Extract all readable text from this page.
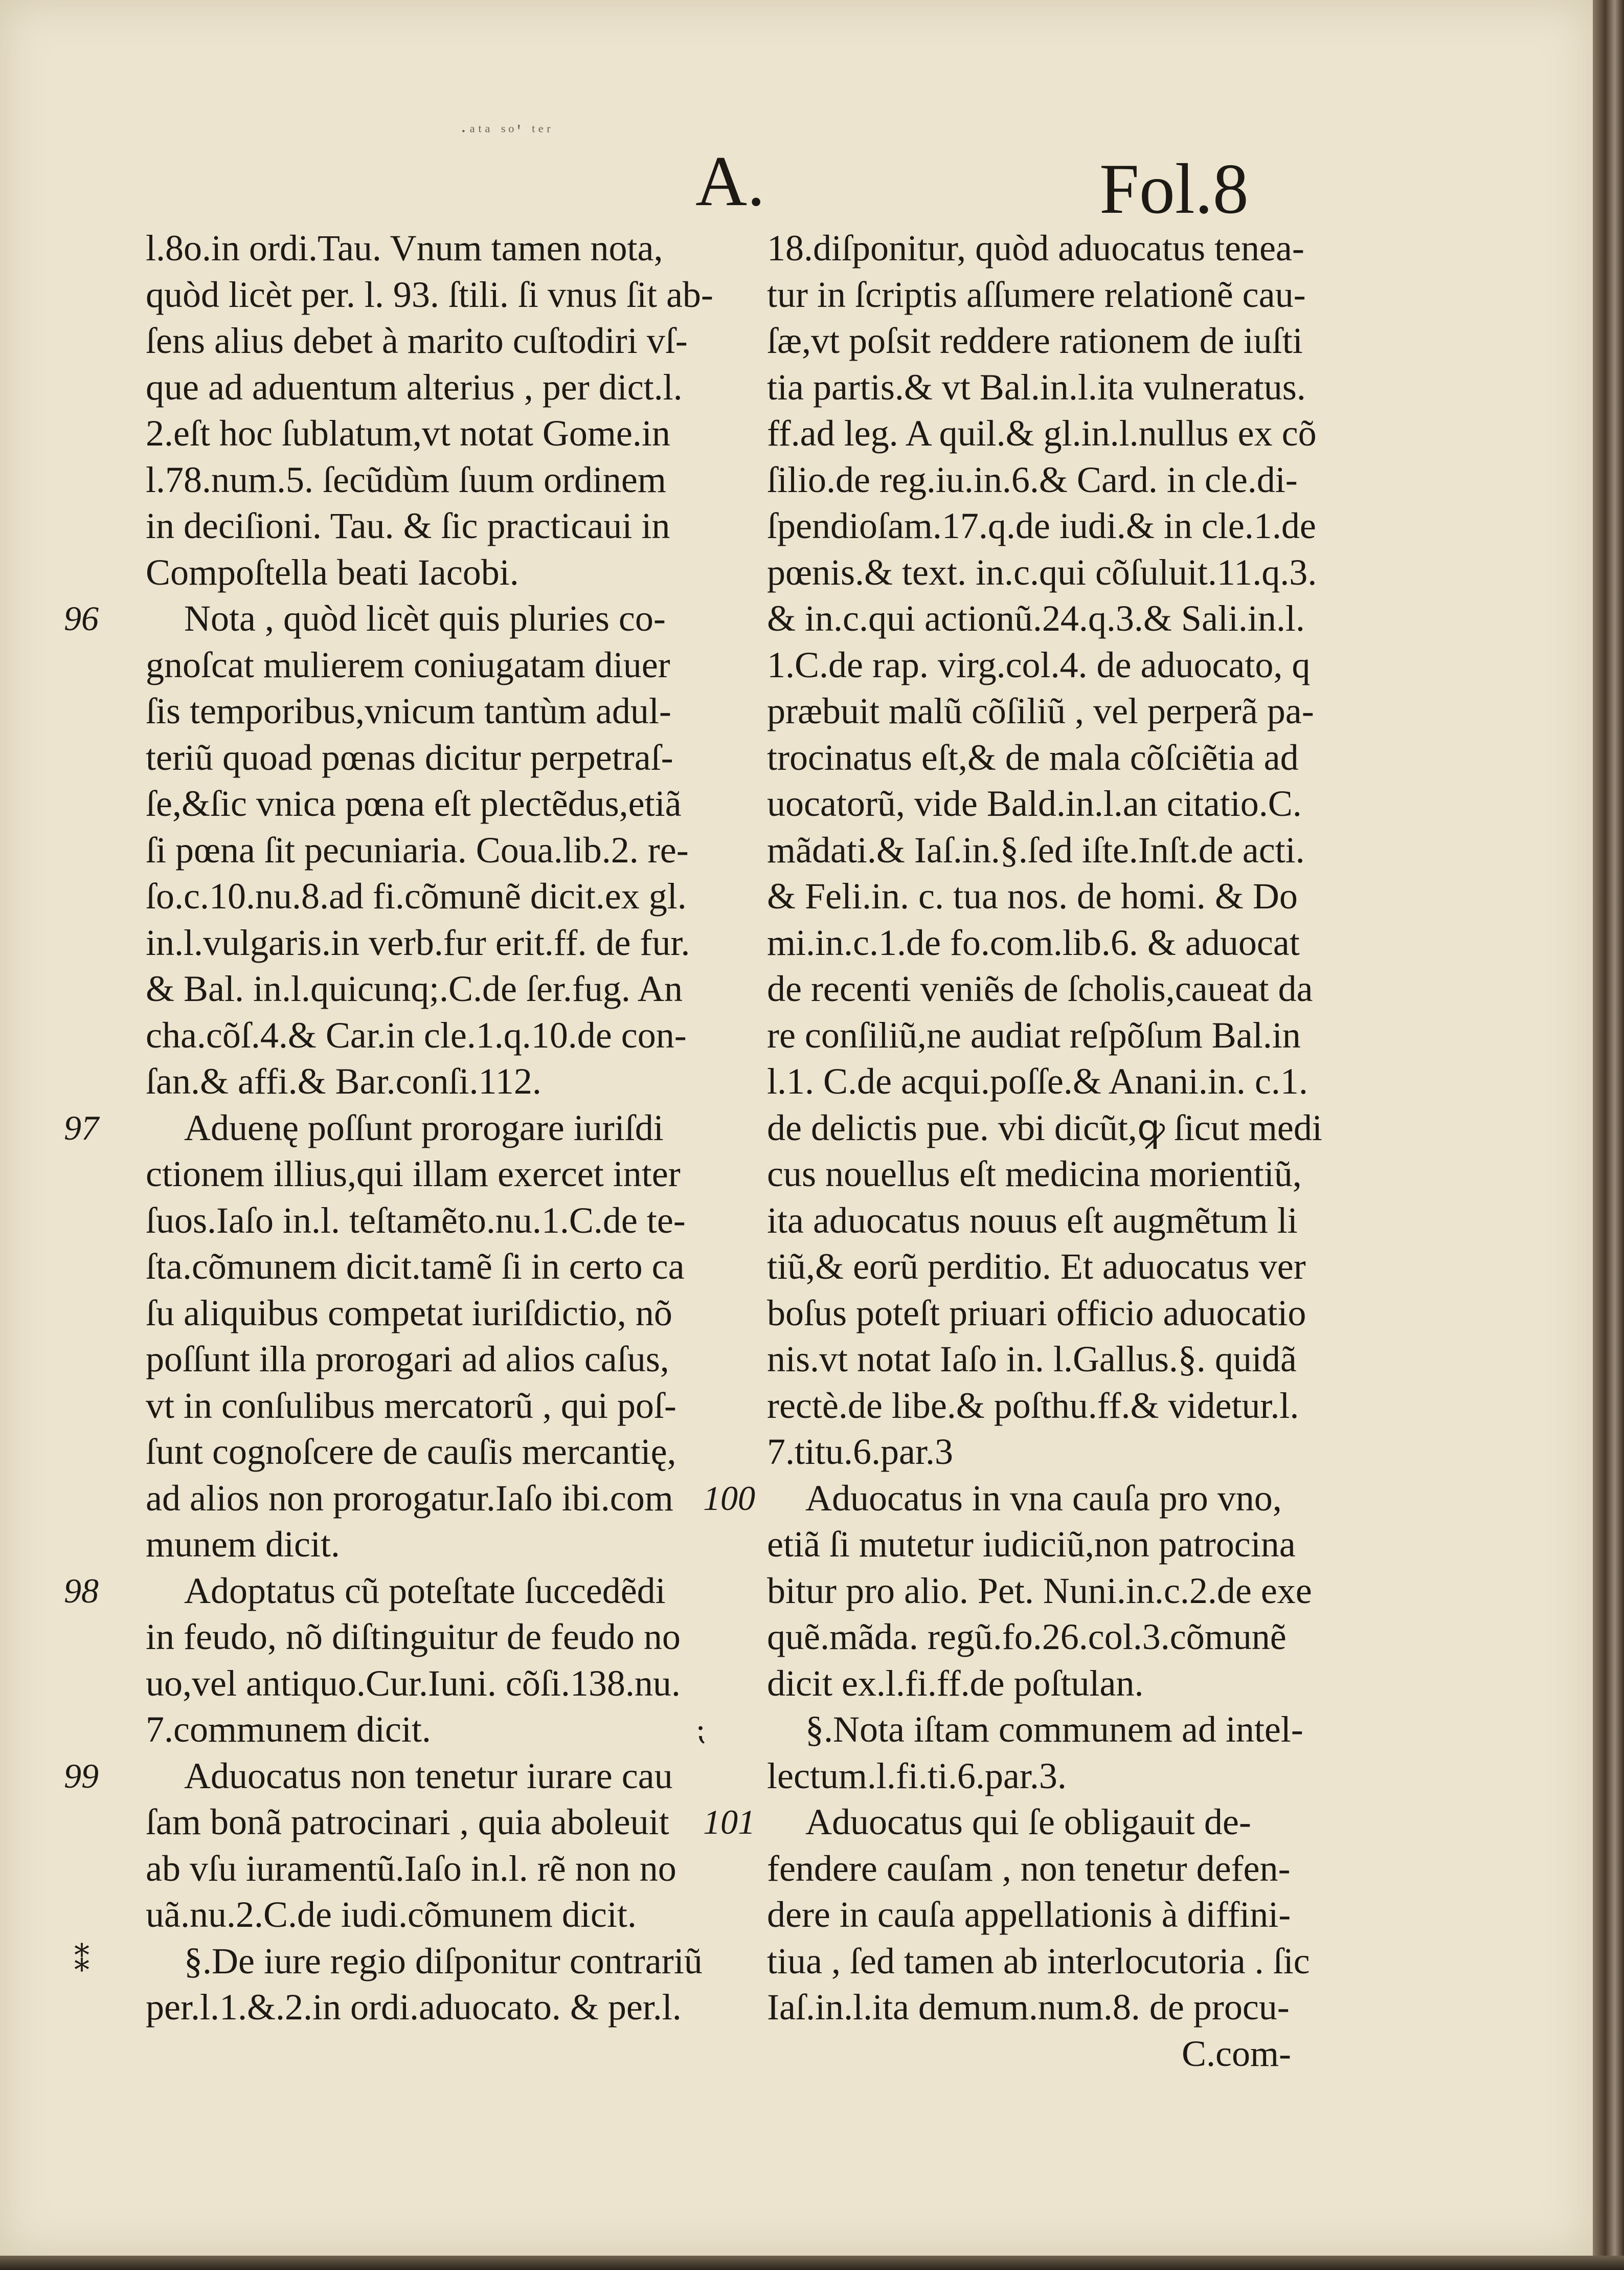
·ᵃᵗᵃ ˢᵒ' ᵗᵉʳ
A.	Fol.8
l.8o.in ordi.Tau. Vnum tamen nota,
quòd licèt per. l. 93. ſtili. ſi vnus ſit ab-
ſens alius debet à marito cuſtodiri vſ-
que ad aduentum alterius , per dict.l.
2.eſt hoc ſublatum,vt notat Gome.in
l.78.num.5. ſecũdùm ſuum ordinem
in deciſioni. Tau. & ſic practicaui in
Compoſtella beati Iacobi.
96 Nota , quòd licèt quis pluries co-
gnoſcat mulierem coniugatam diuer
ſis temporibus,vnicum tantùm adul-
teriũ quoad pœnas dicitur perpetraſ-
ſe,&ſic vnica pœna eſt plectẽdus,etiã
ſi pœna ſit pecuniaria. Coua.lib.2. re-
ſo.c.10.nu.8.ad fi.cõmunẽ dicit.ex gl.
in.l.vulgaris.in verb.fur erit.ff. de fur.
& Bal. in.l.quicunq;.C.de ſer.fug. An
cha.cõſ.4.& Car.in cle.1.q.10.de con-
ſan.& affi.& Bar.conſi.112.
97 Aduenę poſſunt prorogare iuriſdi
ctionem illius,qui illam exercet inter
ſuos.Iaſo in.l. teſtamẽto.nu.1.C.de te-
ſta.cõmunem dicit.tamẽ ſi in certo ca
ſu aliquibus competat iuriſdictio, nõ
poſſunt illa prorogari ad alios caſus,
vt in conſulibus mercatorũ , qui poſ-
ſunt cognoſcere de cauſis mercantię,
ad alios non prorogatur.Iaſo ibi.com
munem dicit.
98 Adoptatus cũ poteſtate ſuccedẽdi
in feudo, nõ diſtinguitur de feudo no
uo,vel antiquo.Cur.Iuni. cõſi.138.nu.
7.communem dicit.
99 Aduocatus non tenetur iurare cau
ſam bonã patrocinari , quia aboleuit
ab vſu iuramentũ.Iaſo in.l. rẽ non no
uã.nu.2.C.de iudi.cõmunem dicit.
⁑	§.De iure regio diſponitur contrariũ
per.l.1.&.2.in ordi.aduocato. & per.l.
18.diſponitur, quòd aduocatus tenea-
tur in ſcriptis aſſumere relationẽ cau-
ſæ,vt poſsit reddere rationem de iuſti
tia partis.& vt Bal.in.l.ita vulneratus.
ff.ad leg. A quil.& gl.in.l.nullus ex cõ
ſilio.de reg.iu.in.6.& Card. in cle.di-
ſpendioſam.17.q.de iudi.& in cle.1.de
pœnis.& text. in.c.qui cõſuluit.11.q.3.
& in.c.qui actionũ.24.q.3.& Sali.in.l.
1.C.de rap. virg.col.4. de aduocato, q
præbuit malũ cõſiliũ , vel perperã pa-
trocinatus eſt,& de mala cõſciẽtia ad
uocatorũ, vide Bald.in.l.an citatio.C.
mãdati.& Iaſ.in.§.ſed iſte.Inſt.de acti.
& Feli.in. c. tua nos. de homi. & Do
mi.in.c.1.de fo.com.lib.6. & aduocat
de recenti veniẽs de ſcholis,caueat da
re conſiliũ,ne audiat reſpõſum Bal.in
l.1. C.de acqui.poſſe.& Anani.in. c.1.
de delictis pue. vbi dicũt,ꝙ ſicut medi
cus nouellus eſt medicina morientiũ,
ita aduocatus nouus eſt augmẽtum li
tiũ,& eorũ perditio. Et aduocatus ver
boſus poteſt priuari officio aduocatio
nis.vt notat Iaſo in. l.Gallus.§. quidã
rectè.de libe.& poſthu.ff.& videtur.l.
7.titu.6.par.3
100 Aduocatus in vna cauſa pro vno,
etiã ſi mutetur iudiciũ,non patrocina
bitur pro alio. Pet. Nuni.in.c.2.de exe
quẽ.mãda. regũ.fo.26.col.3.cõmunẽ
dicit ex.l.fi.ff.de poſtulan.
⁏	§.Nota iſtam communem ad intel-
lectum.l.fi.ti.6.par.3.
101 Aduocatus qui ſe obligauit de-
fendere cauſam , non tenetur defen-
dere in cauſa appellationis à diffini-
tiua , ſed tamen ab interlocutoria . ſic
Iaſ.in.l.ita demum.num.8. de procu-
C.com-
